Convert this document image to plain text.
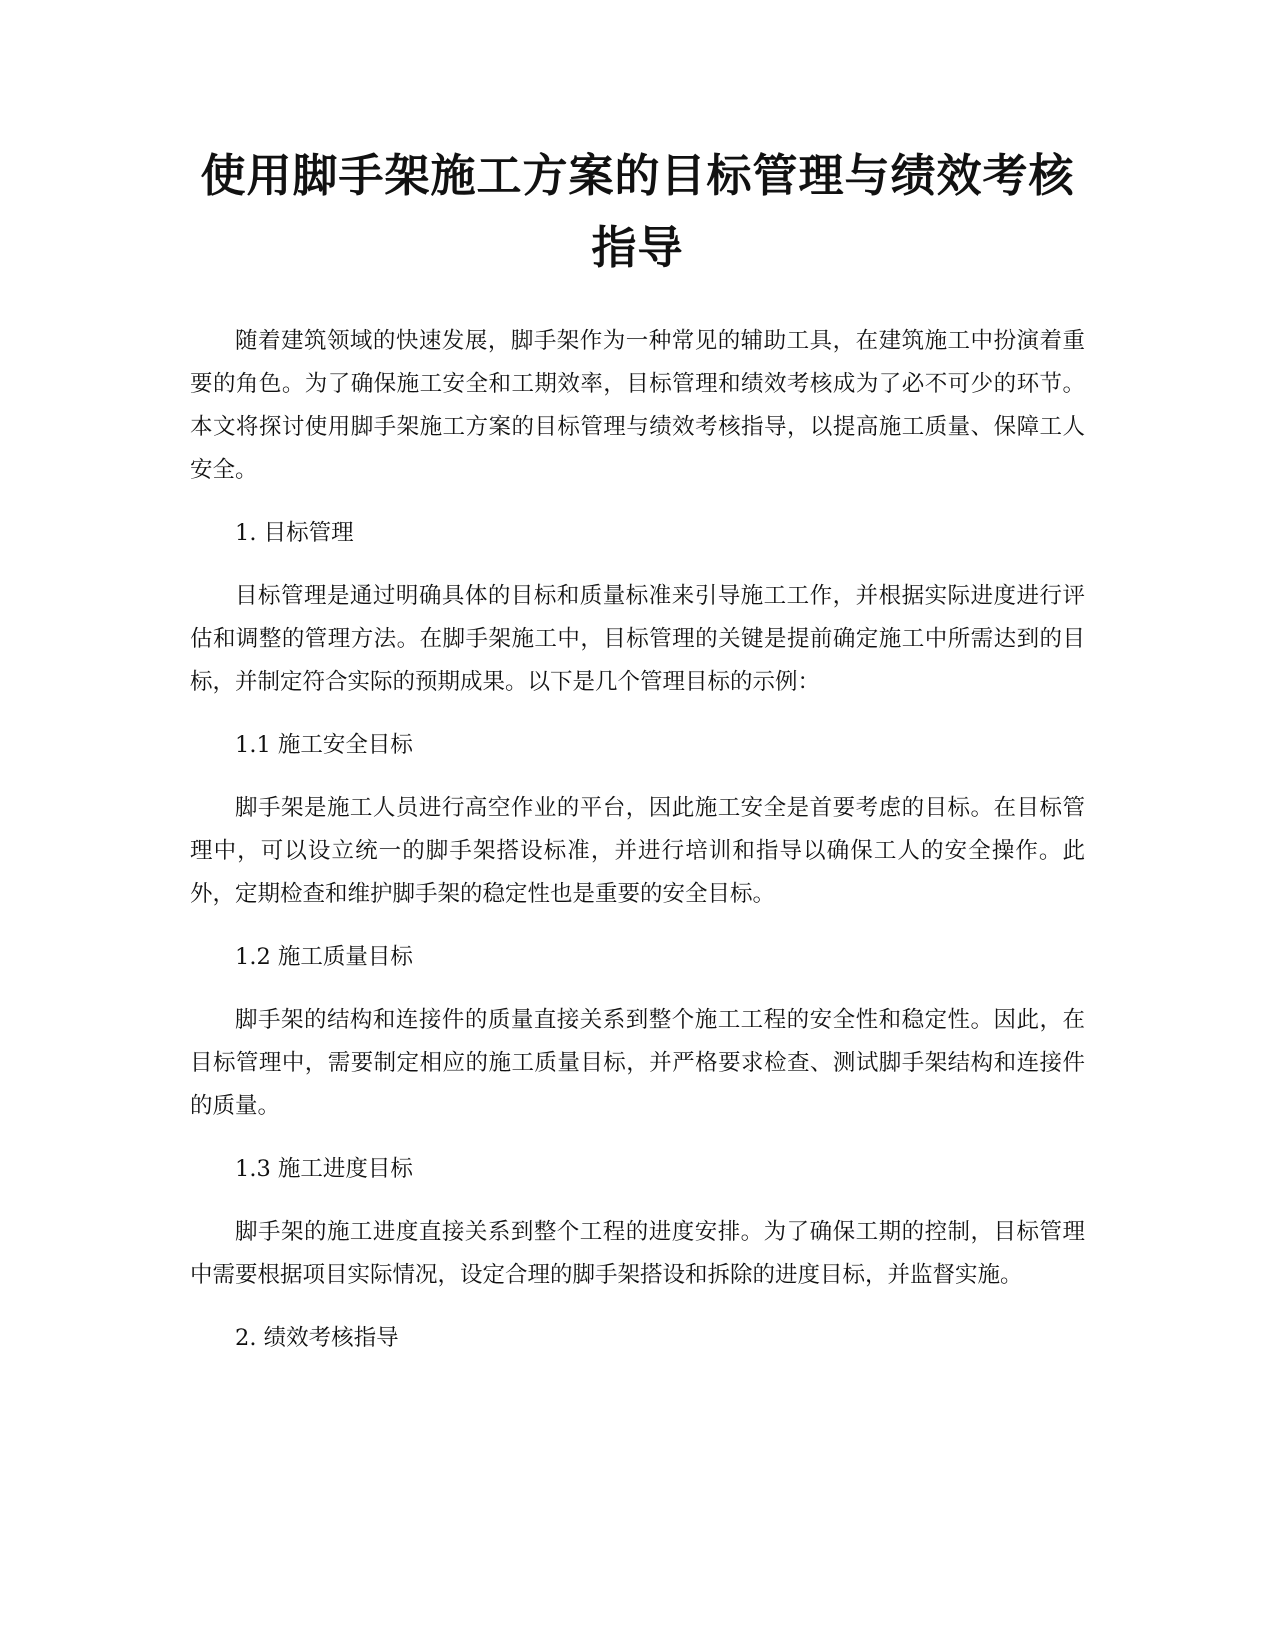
使用脚手架施工方案的目标管理与绩效考核
指导

随着建筑领域的快速发展，脚手架作为一种常见的辅助工具，在建筑施工中扮演着重要的角色。为了确保施工安全和工期效率，目标管理和绩效考核成为了必不可少的环节。本文将探讨使用脚手架施工方案的目标管理与绩效考核指导，以提高施工质量、保障工人安全。

1. 目标管理

目标管理是通过明确具体的目标和质量标准来引导施工工作，并根据实际进度进行评估和调整的管理方法。在脚手架施工中，目标管理的关键是提前确定施工中所需达到的目标，并制定符合实际的预期成果。以下是几个管理目标的示例：

1.1 施工安全目标

脚手架是施工人员进行高空作业的平台，因此施工安全是首要考虑的目标。在目标管理中，可以设立统一的脚手架搭设标准，并进行培训和指导以确保工人的安全操作。此外，定期检查和维护脚手架的稳定性也是重要的安全目标。

1.2 施工质量目标

脚手架的结构和连接件的质量直接关系到整个施工工程的安全性和稳定性。因此，在目标管理中，需要制定相应的施工质量目标，并严格要求检查、测试脚手架结构和连接件的质量。

1.3 施工进度目标

脚手架的施工进度直接关系到整个工程的进度安排。为了确保工期的控制，目标管理中需要根据项目实际情况，设定合理的脚手架搭设和拆除的进度目标，并监督实施。

2. 绩效考核指导
